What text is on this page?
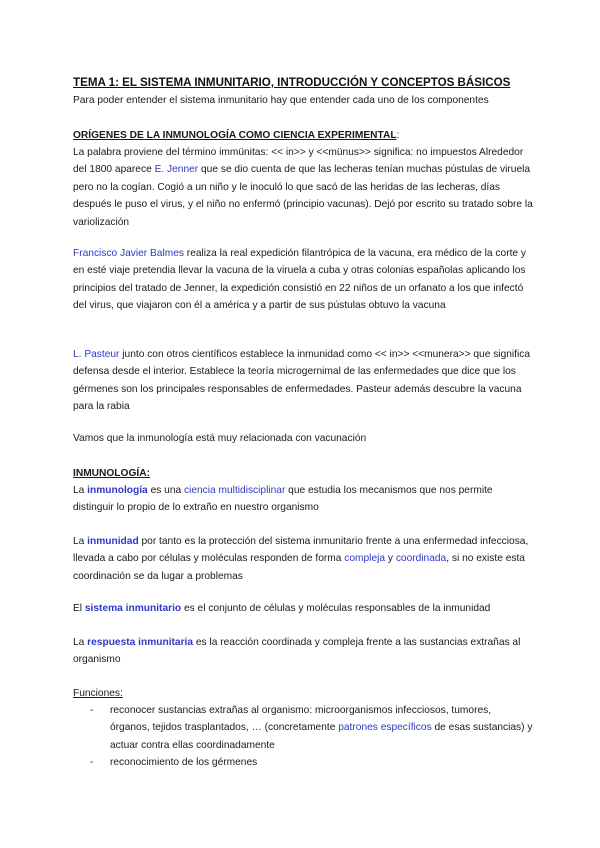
TEMA 1: EL SISTEMA INMUNITARIO, INTRODUCCIÓN Y CONCEPTOS BÁSICOS

Para poder entender el sistema inmunitario hay que entender cada uno de los componentes

ORÍGENES DE LA INMUNOLOGÍA COMO CIENCIA EXPERIMENTAL:

La palabra proviene del término immünitas: << in>> y <<münus>> significa: no impuestos Alrededor del 1800 aparece E. Jenner que se dio cuenta de que las lecheras tenían muchas pústulas de viruela pero no la cogían. Cogió a un niño y le inoculó lo que sacó de las heridas de las lecheras, días después le puso el virus, y el niño no enfermó (principio vacunas). Dejó por escrito su tratado sobre la variolización

Francisco Javier Balmes realiza la real expedición filantrópica de la vacuna, era médico de la corte y en esté viaje pretendia llevar la vacuna de la viruela a cuba y otras colonias españolas aplicando los principios del tratado de Jenner, la expedición consistió en 22 niños de un orfanato a los que infectó del virus, que viajaron con él a américa y a partir de sus pústulas obtuvo la vacuna

L. Pasteur junto con otros científicos establece la inmunidad como << in>> <<munera>> que significa defensa desde el interior. Establece la teoría microgernimal de las enfermedades que dice que los gérmenes son los principales responsables de enfermedades. Pasteur además descubre la vacuna para la rabia

Vamos que la inmunología está muy relacionada con vacunación

INMUNOLOGÍA:

La inmunología es una ciencia multidisciplinar que estudia los mecanismos que nos permite distinguir lo propio de lo extraño en nuestro organismo

La inmunidad por tanto es la protección del sistema inmunitario frente a una enfermedad infecciosa, llevada a cabo por células y moléculas responden de forma compleja y coordinada, si no existe esta coordinación se da lugar a problemas

El sistema inmunitario es el conjunto de células y moléculas responsables de la inmunidad

La respuesta inmunitaria es la reacción coordinada y compleja frente a las sustancias extrañas al organismo

Funciones:

- reconocer sustancias extrañas al organismo: microorganismos infecciosos, tumores, órganos, tejidos trasplantados, … (concretamente patrones específicos de esas sustancias) y actuar contra ellas coordinadamente
- reconocimiento de los gérmenes
